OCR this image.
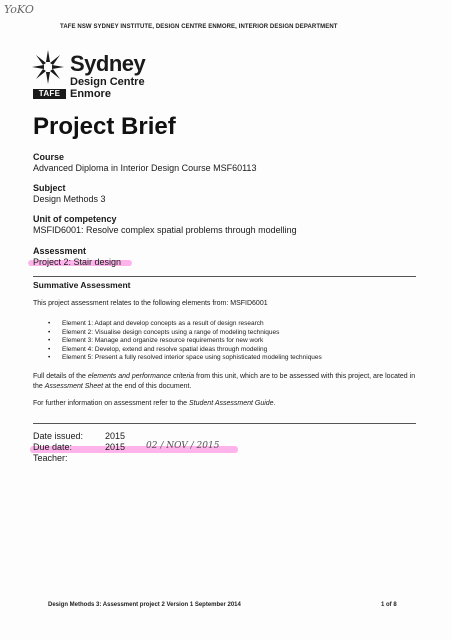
YoKO
TAFE NSW SYDNEY INSTITUTE, DESIGN CENTRE ENMORE, INTERIOR DESIGN DEPARTMENT
Sydney
Design Centre
TAFE Enmore
Project Brief
Course
Advanced Diploma in Interior Design Course MSF60113
Subject
Design Methods 3
Unit of competency
MSFID6001: Resolve complex spatial problems through modelling
Assessment
Project 2: Stair design
Summative Assessment
This project assessment relates to the following elements from: MSFID6001
• Element 1: Adapt and develop concepts as a result of design research
• Element 2: Visualise design concepts using a range of modeling techniques
• Element 3: Manage and organize resource requirements for new work
• Element 4: Develop, extend and resolve spatial ideas through modeling
• Element 5: Present a fully resolved interior space using sophisticated modeling techniques
Full details of the elements and performance criteria from this unit, which are to be assessed with this project, are located in the Assessment Sheet at the end of this document.
For further information on assessment refer to the Student Assessment Guide.
Date issued: 2015
Due date:	2015 02 / NOV / 2015
Teacher:
Design Methods 3: Assessment project 2 Version 1 September 2014	1 of 8
